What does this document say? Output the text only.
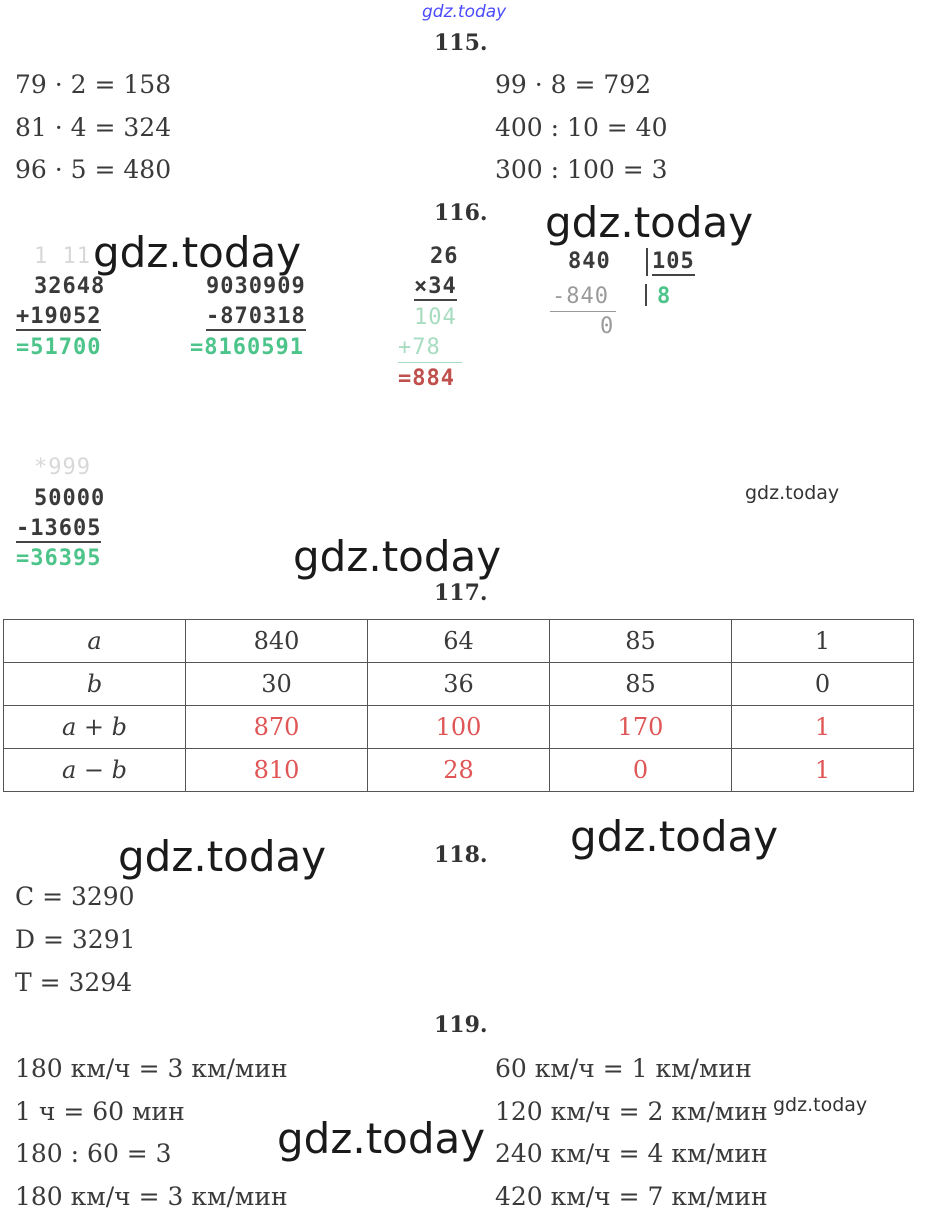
gdz.today
115.
79 · 2 = 158
81 · 4 = 324
96 · 5 = 480
99 · 8 = 792
400 : 10 = 40
300 : 100 = 3
116. gdz.today
1 11 gdz.today
32648
+19052
=51700
9030909
-870318
=8160591
26
×34
104
+78
=884
840 105
-840 8
0
*999
50000
-13605
=36395
gdz.today
gdz.today
117.
a	840	64	85	1
b	30	36	85	0
a + b	870	100	170	1
a − b	810	28	0	1
gdz.today
gdz.today	118.
C = 3290
D = 3291
T = 3294
119.
180 км/ч = 3 км/мин
1 ч = 60 мин
180 : 60 = 3
180 км/ч = 3 км/мин
60 км/ч = 1 км/мин
120 км/ч = 2 км/мин
240 км/ч = 4 км/мин
420 км/ч = 7 км/мин
gdz.today
gdz.today
